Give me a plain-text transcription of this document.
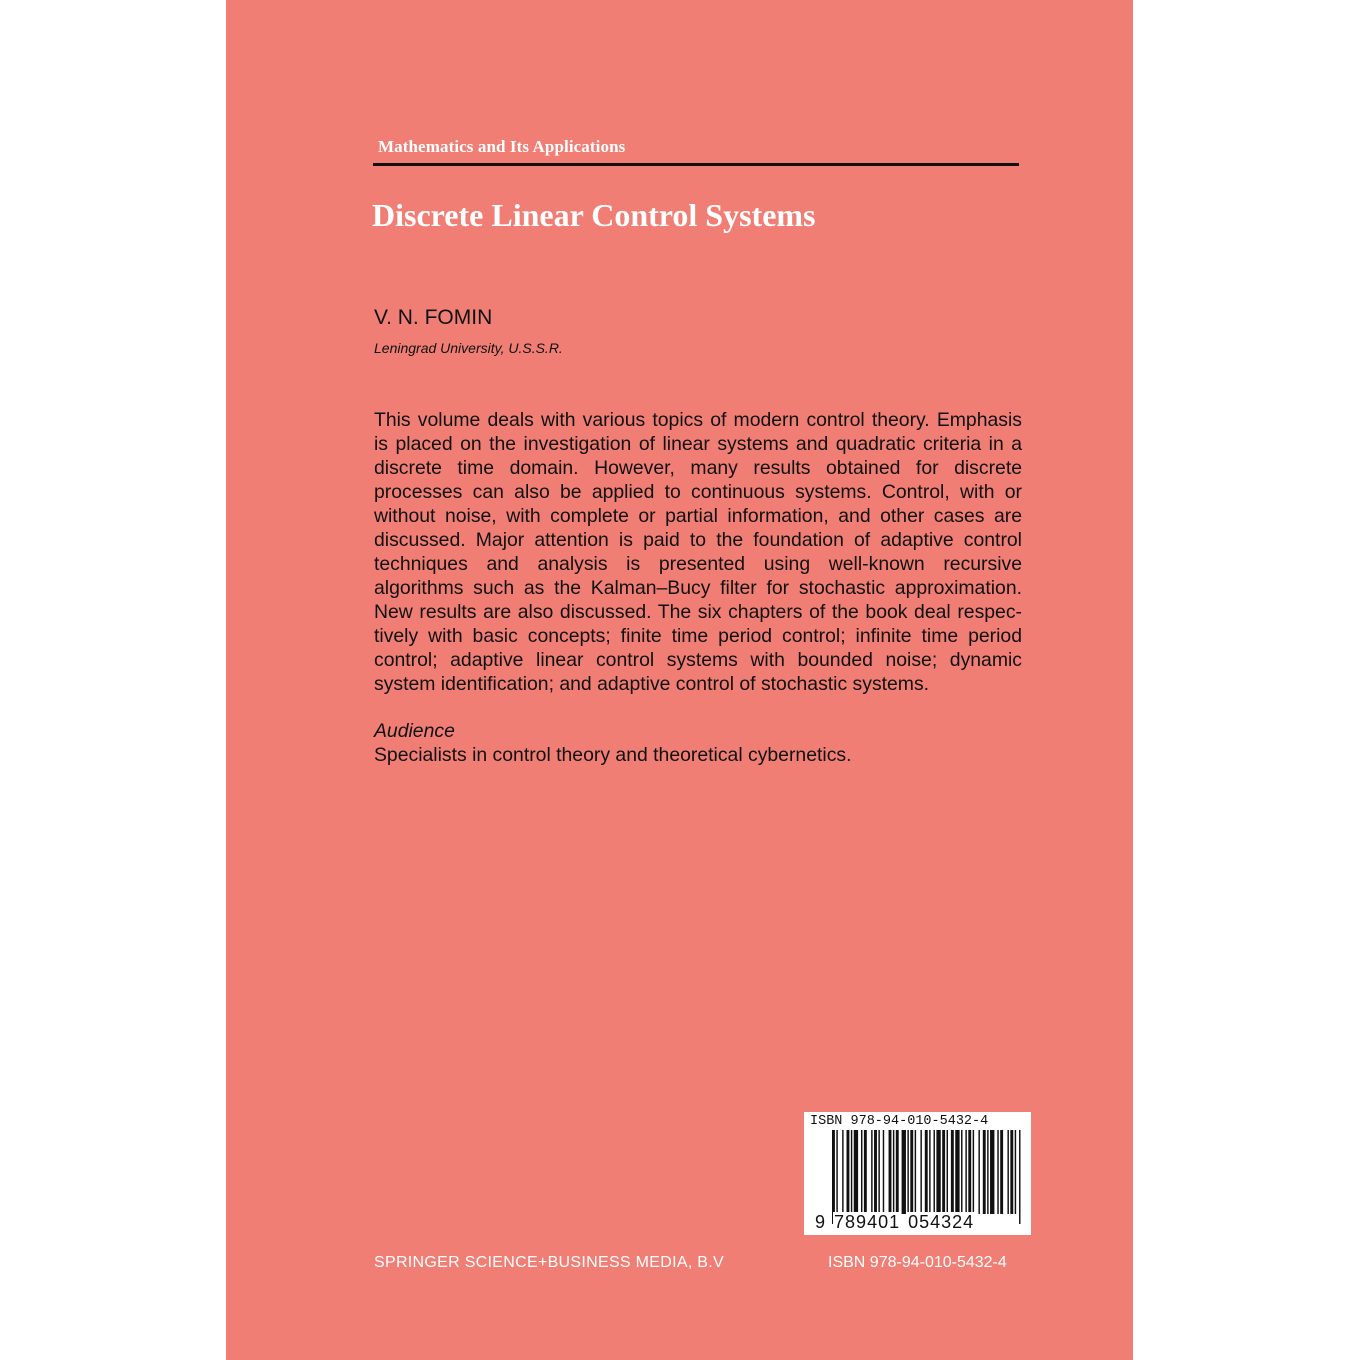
Mathematics and Its Applications
Discrete Linear Control Systems
V. N. FOMIN
Leningrad University, U.S.S.R.
This volume deals with various topics of modern control theory. Emphasis is placed on the investigation of linear systems and quadratic criteria in a discrete time domain. However, many results obtained for discrete processes can also be applied to continuous systems. Control, with or without noise, with complete or partial information, and other cases are discussed. Major attention is paid to the foundation of adaptive control techniques and analysis is presented using well-known recursive algorithms such as the Kalman–Bucy filter for stochastic approximation. New results are also discussed. The six chapters of the book deal respectively with basic concepts; finite time period control; infinite time period control; adaptive linear control systems with bounded noise; dynamic system identification; and adaptive control of stochastic systems.
Audience
Specialists in control theory and theoretical cybernetics.
ISBN 978-94-010-5432-4
9 789401 054324
SPRINGER SCIENCE+BUSINESS MEDIA, B.V	ISBN 978-94-010-5432-4
